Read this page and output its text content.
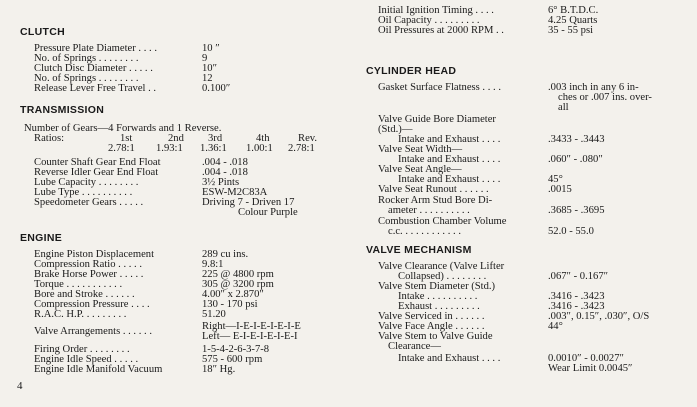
CLUTCH
Pressure Plate Diameter . . . .	10 ″
No. of Springs . . . . . . . .	9
Clutch Disc Diameter . . . . .	10″
No. of Springs . . . . . . . .	12
Release Lever Free Travel . .	0.100″
TRANSMISSION
Number of Gears—4 Forwards and 1 Reverse.
Ratios:	1st	2nd 3rd	4th	Rev.
2.78:1 1.93:1 1.36:1 1.00:1 2.78:1
Counter Shaft Gear End Float	.004 - .018
Reverse Idler Gear End Float	.004 - .018
Lube Capacity . . . . . . . .	3½ Pints
Lube Type . . . . . . . . . .	ESW-M2C83A
Speedometer Gears . . . . .	Driving 7 - Driven 17
Colour Purple
ENGINE
Engine Piston Displacement	289 cu ins.
Compression Ratio . . . . .	9.8:1
Brake Horse Power . . . . .	225 @ 4800 rpm
Torque . . . . . . . . . . .	305 @ 3200 rpm
Bore and Stroke . . . . . .	4.00″ x 2.870″
Compression Pressure . . . .	130 - 170 psi
R.A.C. H.P. . . . . . . . .	51.20
Right—I-E-I-E-I-E-I-E
Valve Arrangements . . . . . .	Left— E-I-E-I-E-I-E-I
Firing Order . . . . . . . .	1-5-4-2-6-3-7-8
Engine Idle Speed . . . . .	575 - 600 rpm
Engine Idle Manifold Vacuum	18″ Hg.
Initial Ignition Timing . . . .	6° B.T.D.C.
Oil Capacity . . . . . . . . .	4.25 Quarts
Oil Pressures at 2000 RPM . .	35 - 55 psi
CYLINDER HEAD
Gasket Surface Flatness . . . .	.003 inch in any 6 in-
ches or .007 ins. over-
all
Valve Guide Bore Diameter
(Std.)—
Intake and Exhaust . . . .	.3433 - .3443
Valve Seat Width—
Intake and Exhaust . . . .	.060″ - .080″
Valve Seat Angle—
Intake and Exhaust . . . .	45°
Valve Seat Runout . . . . . .	.0015
Rocker Arm Stud Bore Di-
ameter . . . . . . . . . .	.3685 - .3695
Combustion Chamber Volume
c.c. . . . . . . . . . . .	52.0 - 55.0
VALVE MECHANISM
Valve Clearance (Valve Lifter
Collapsed) . . . . . . . .	.067″ - 0.167″
Valve Stem Diameter (Std.)
Intake . . . . . . . . . .	.3416 - .3423
Exhaust . . . . . . . . .	.3416 - .3423
Valve Serviced in . . . . . .	.003″, 0.15″, .030″, O/S
Valve Face Angle . . . . . .	44°
Valve Stem to Valve Guide
Clearance—
Intake and Exhaust . . . .	0.0010″ - 0.0027″
Wear Limit 0.0045″
4
